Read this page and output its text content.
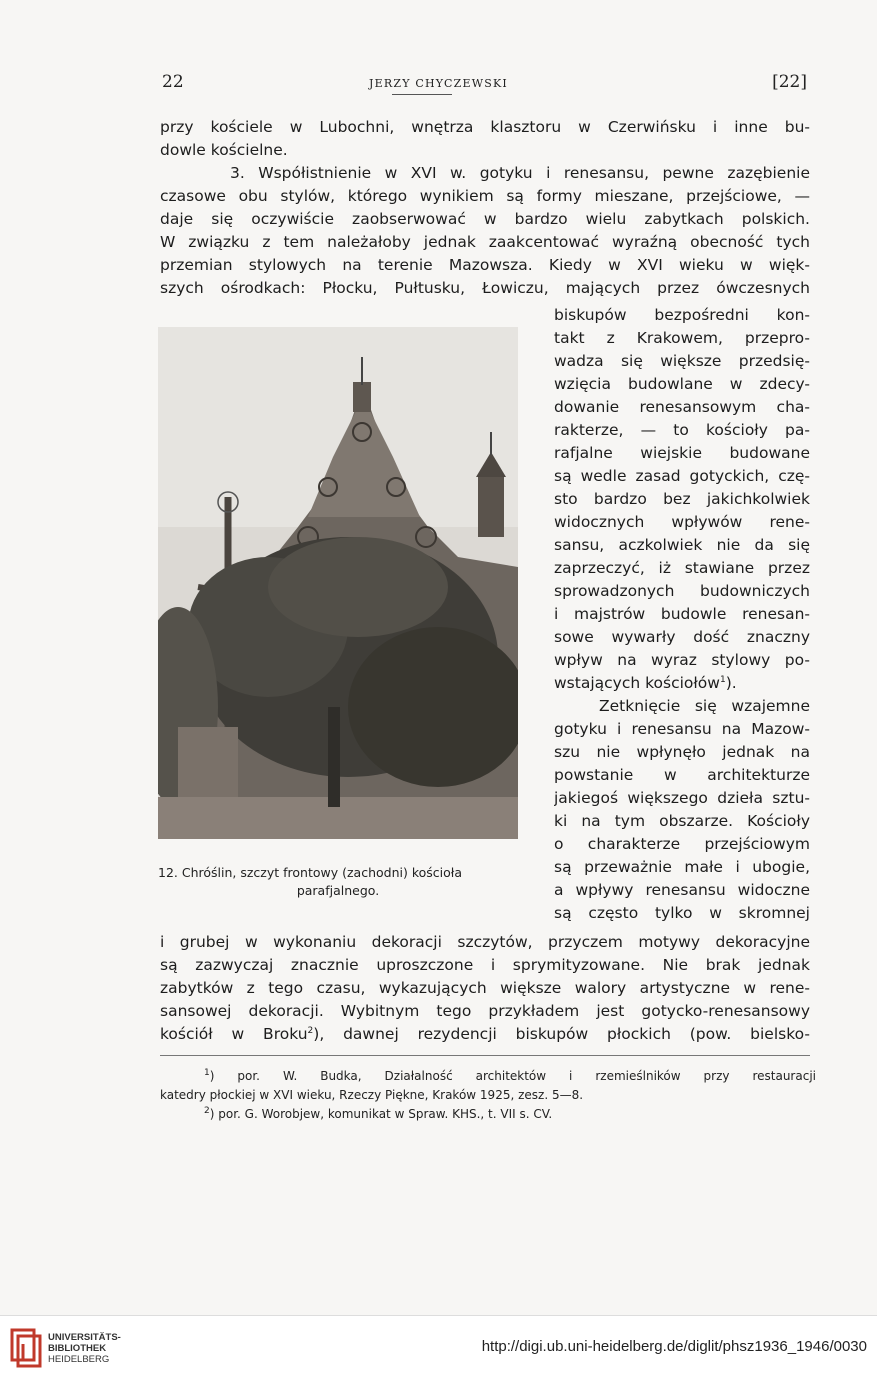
22	JERZY CHYCZEWSKI	[22]
przy kościele w Lubochni, wnętrza klasztoru w Czerwińsku i inne bu-
dowle kościelne.
3. Współistnienie w XVI w. gotyku i renesansu, pewne zazębienie
czasowe obu stylów, którego wynikiem są formy mieszane, przejściowe, —
daje się oczywiście zaobserwować w bardzo wielu zabytkach polskich.
W związku z tem należałoby jednak zaakcentować wyraźną obecność tych
przemian stylowych na terenie Mazowsza. Kiedy w XVI wieku w więk-
szych ośrodkach: Płocku, Pułtusku, Łowiczu, mających przez ówczesnych
12. Chróślin, szczyt frontowy (zachodni) kościoła
parafjalnego.
biskupów bezpośredni kon-
takt z Krakowem, przepro-
wadza się większe przedsię-
wzięcia budowlane w zdecy-
dowanie renesansowym cha-
rakterze, — to kościoły pa-
rafjalne wiejskie budowane
są wedle zasad gotyckich, czę-
sto bardzo bez jakichkolwiek
widocznych wpływów rene-
sansu, aczkolwiek nie da się
zaprzeczyć, iż stawiane przez
sprowadzonych budowniczych
i majstrów budowle renesan-
sowe wywarły dość znaczny
wpływ na wyraz stylowy po-
wstających kościołów$^1$).
Zetknięcie się wzajemne
gotyku i renesansu na Mazow-
szu nie wpłynęło jednak na
powstanie w architekturze
jakiegoś większego dzieła sztu-
ki na tym obszarze. Kościoły
o charakterze przejściowym
są przeważnie małe i ubogie,
a wpływy renesansu widoczne
są często tylko w skromnej
i grubej w wykonaniu dekoracji szczytów, przyczem motywy dekoracyjne
są zazwyczaj znacznie uproszczone i sprymityzowane. Nie brak jednak
zabytków z tego czasu, wykazujących większe walory artystyczne w rene-
sansowej dekoracji. Wybitnym tego przykładem jest gotycko-renesansowy
kościół w Broku$^2$), dawnej rezydencji biskupów płockich (pow. bielsko-
$^1$) por. W. Budka, Działalność architektów i rzemieślników przy restauracji
katedry płockiej w XVI wieku, Rzeczy Piękne, Kraków 1925, zesz. 5—8.
$^2$) por. G. Worobjew, komunikat w Spraw. KHS., t. VII s. CV.
UNIVERSITÄTS-
BIBLIOTHEK
HEIDELBERG
http://digi.ub.uni-heidelberg.de/diglit/phsz1936_1946/0030
